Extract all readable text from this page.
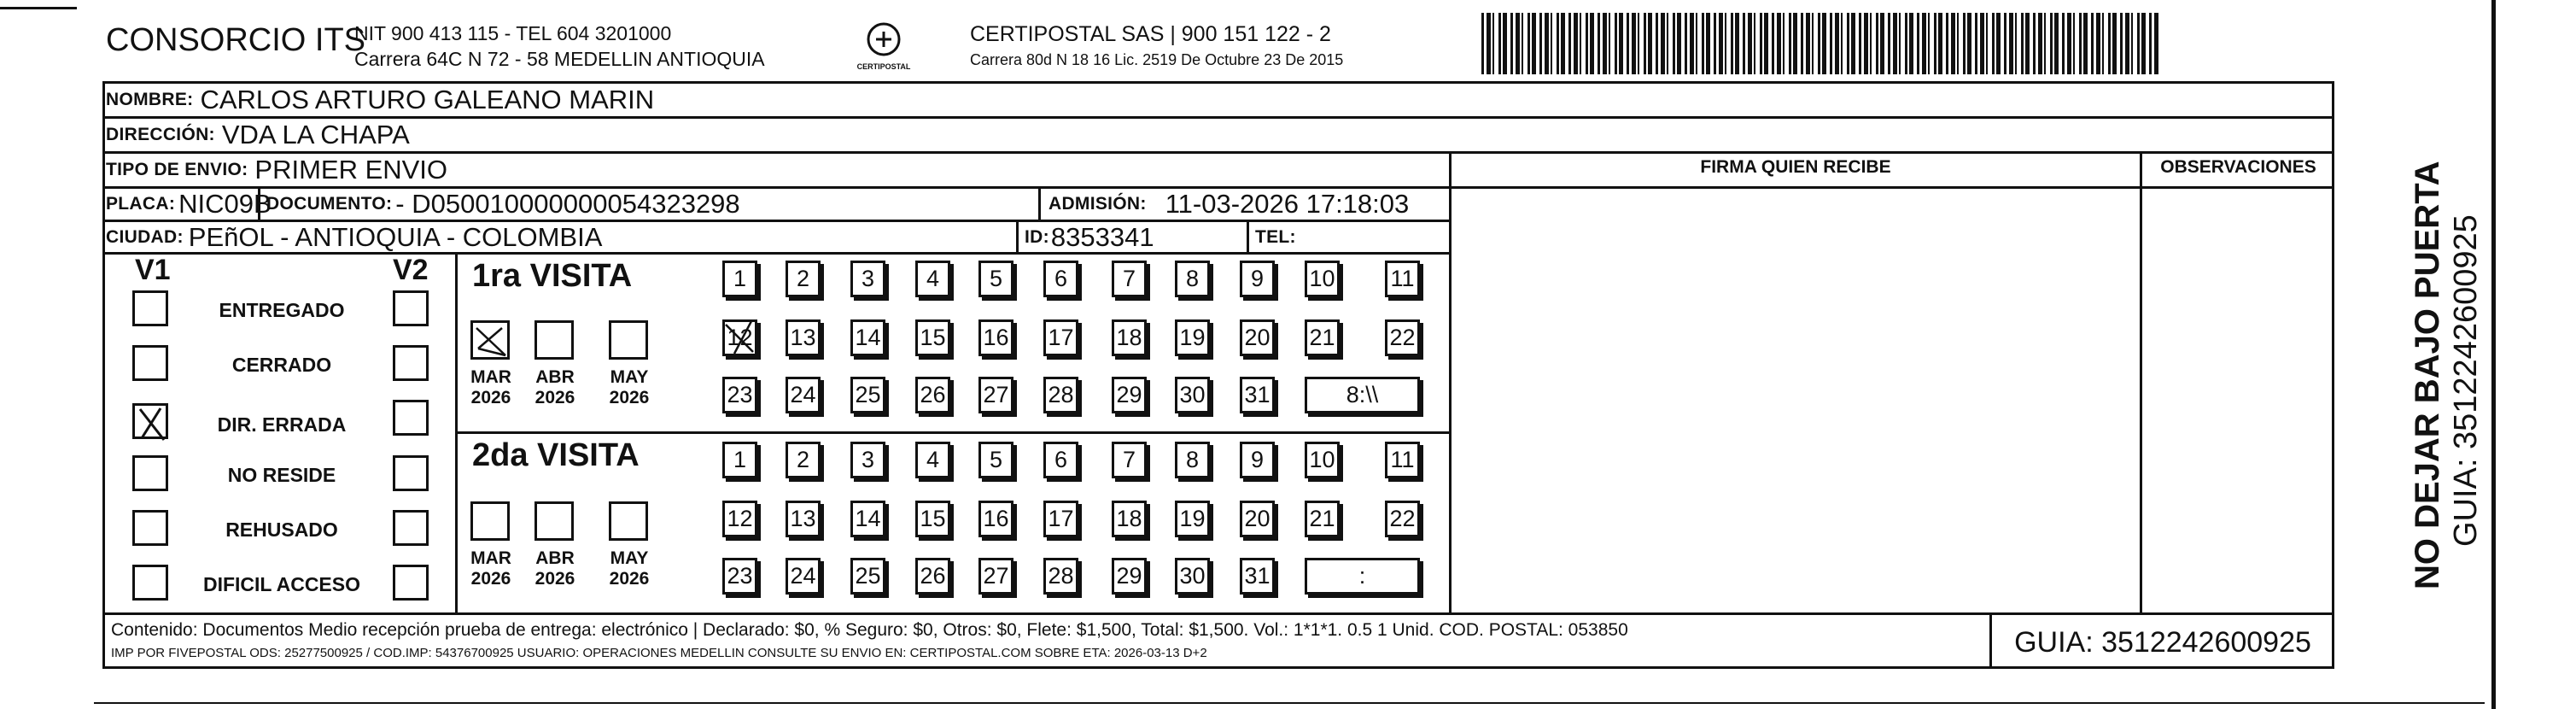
CONSORCIO ITS
NIT 900 413 115 - TEL 604 3201000
Carrera 64C N 72 - 58 MEDELLIN ANTIOQUIA	CERTIPOSTAL
CERTIPOSTAL SAS | 900 151 122 - 2
Carrera 80d N 18 16 Lic. 2519 De Octubre 23 De 2015
NOMBRE: CARLOS ARTURO GALEANO MARIN
DIRECCIÓN: VDA LA CHAPA
TIPO DE ENVIO: PRIMER ENVIO	FIRMA QUIEN RECIBE	OBSERVACIONES
PLACA: NIC09B
DOCUMENTO: - D050010000000054323298	ADMISIÓN: 11-03-2026 17:18:03
CIUDAD: PEñOL - ANTIOQUIA - COLOMBIA	ID: 8353341	TEL:
V1	V2
ENTREGADO
CERRADO
DIR. ERRADA
NO RESIDE
REHUSADO
DIFICIL ACCESO
1ra VISITA
2da VISITA
1	2	3	4	5	6	7	8	9	10 11
12 13 14 15 16 17 18 19 20 21 22
23 24 25 26 27 28 29 30 31	8:\\
MAR
2026
ABR
2026
MAY
2026
1	2	3	4	5	6	7	8	9	10 11
12 13 14 15 16 17 18 19 20 21 22
23 24 25 26 27 28 29 30 31	:
MAR
2026
ABR
2026
MAY
2026
Contenido: Documentos Medio recepción prueba de entrega: electrónico | Declarado: $0, % Seguro: $0, Otros: $0, Flete: $1,500, Total: $1,500. Vol.: 1*1*1. 0.5 1 Unid. COD. POSTAL: 053850
IMP POR FIVEPOSTAL ODS: 25277500925 / COD.IMP: 54376700925 USUARIO: OPERACIONES MEDELLIN CONSULTE SU ENVIO EN: CERTIPOSTAL.COM SOBRE ETA: 2026-03-13 D+2	GUIA: 3512242600925
NO DEJAR BAJO PUERTA GUIA: 3512242600925
